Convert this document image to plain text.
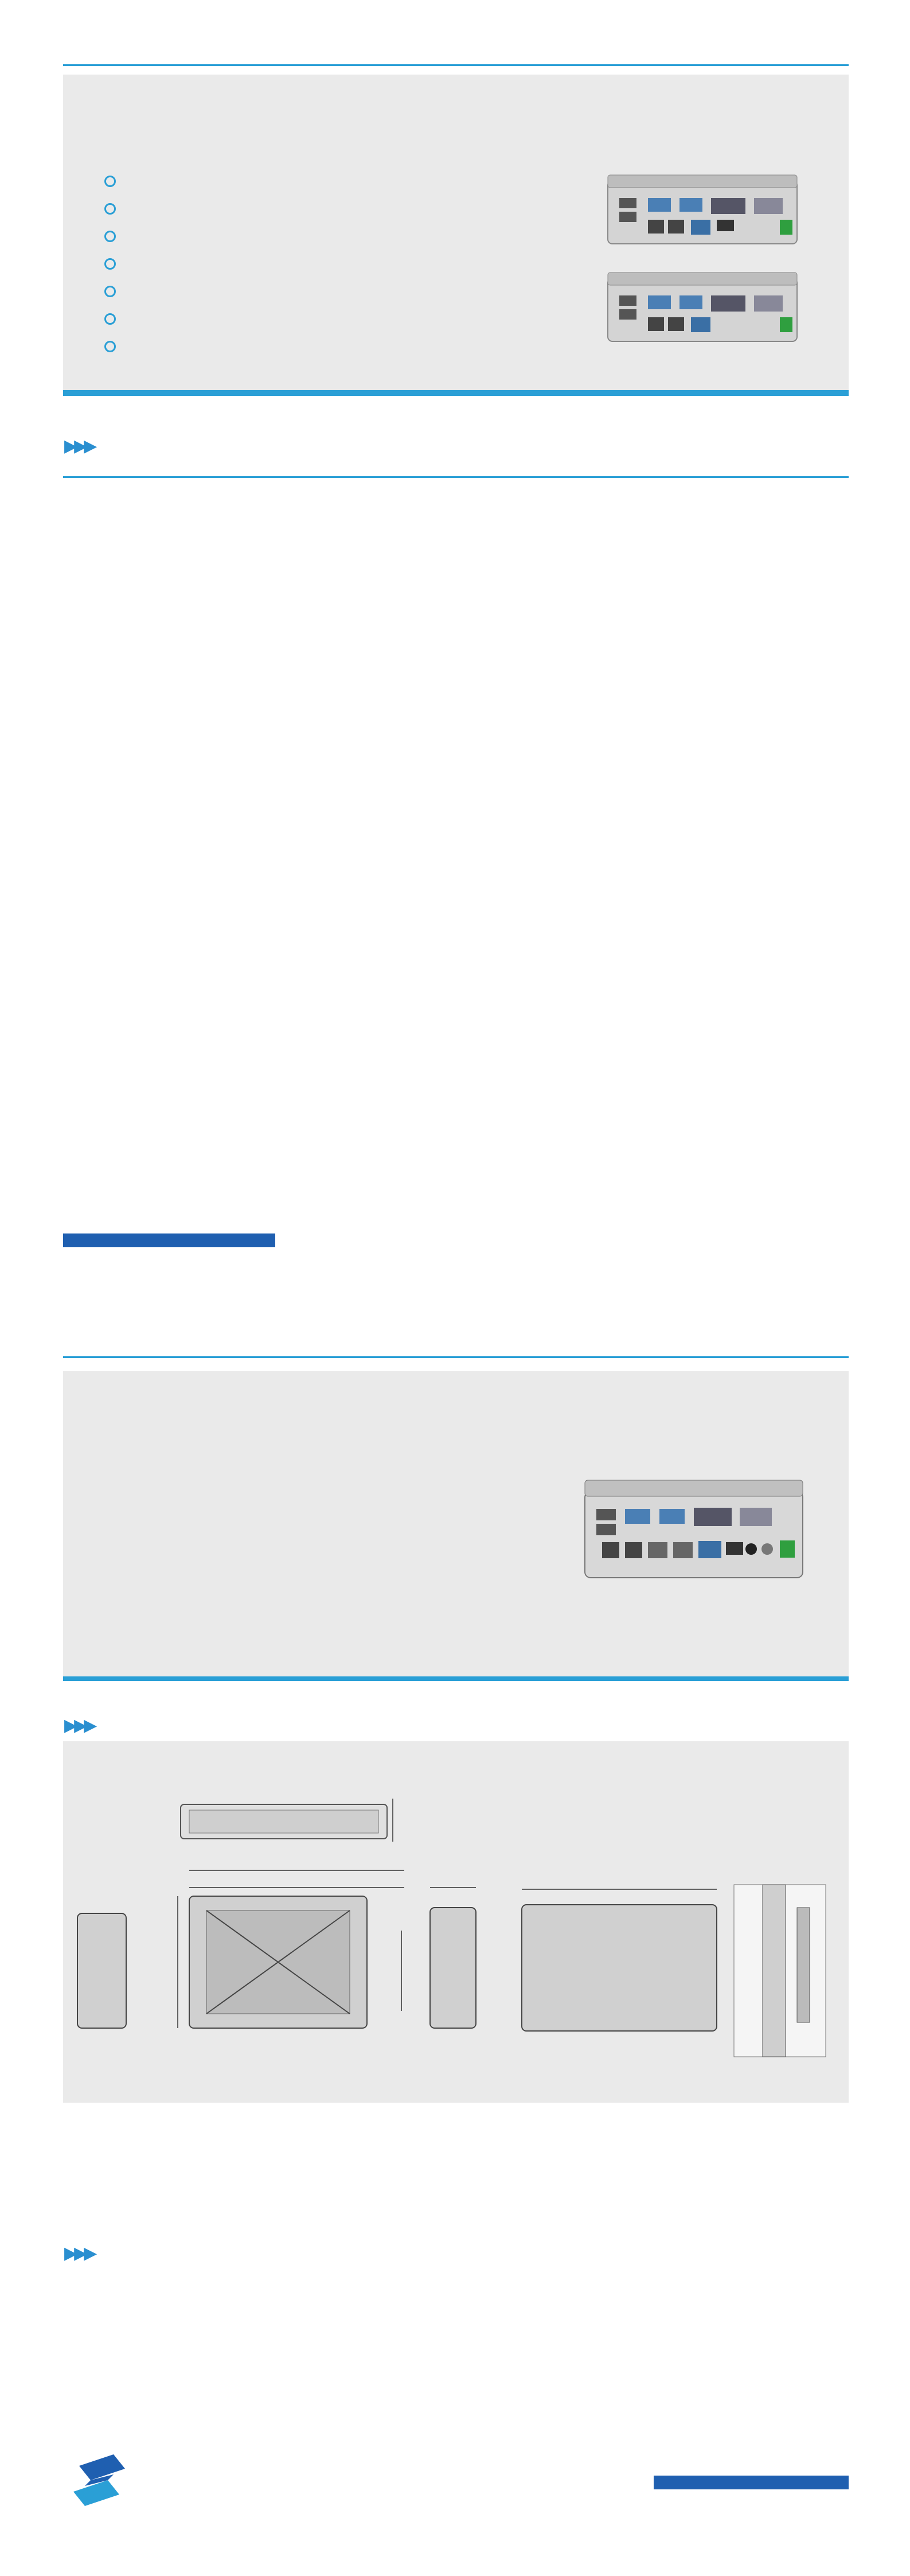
▶▶▶
▶▶▶
▶▶▶
